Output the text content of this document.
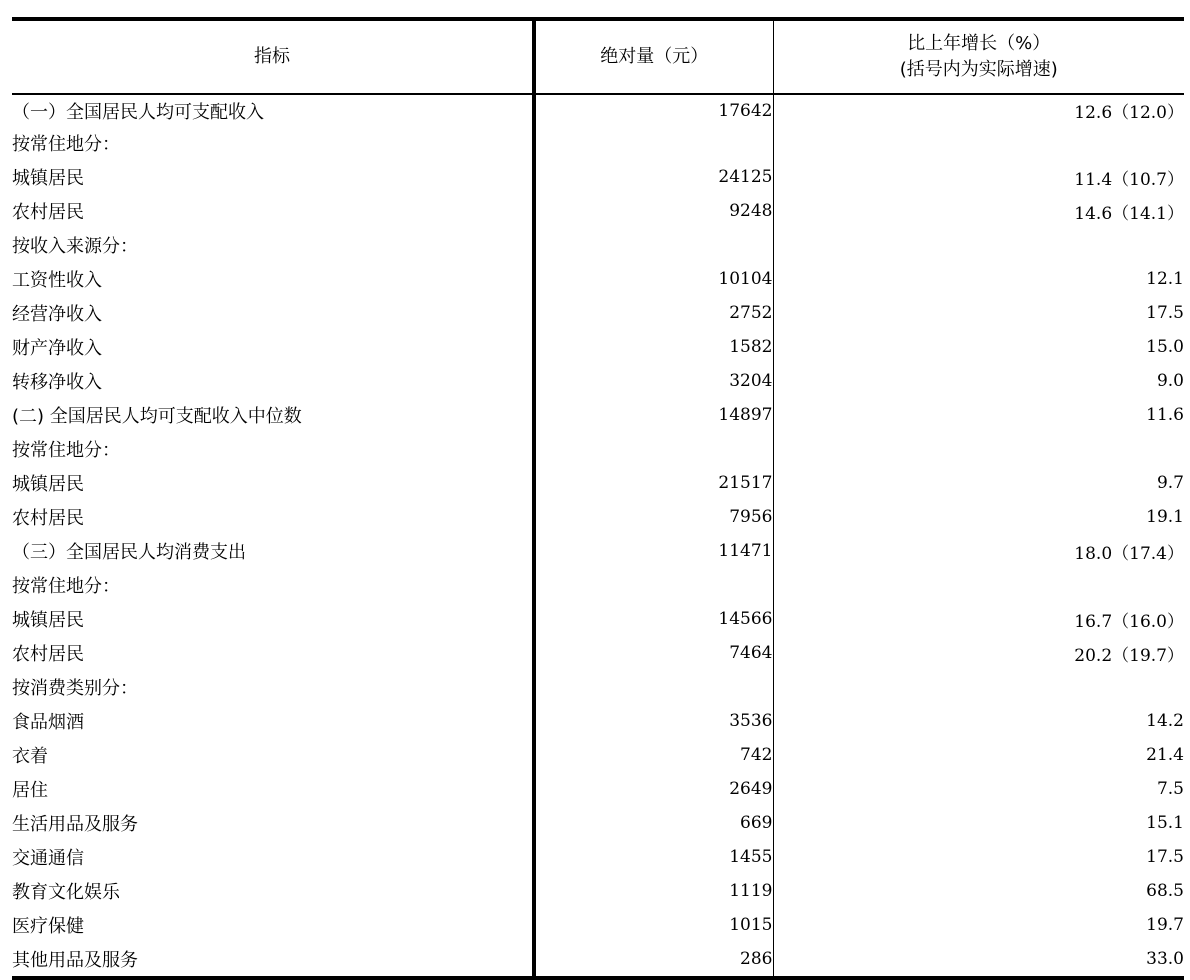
指标	绝对量（元）	比上年增长（%）
(括号内为实际增速)

（一）全国居民人均可支配收入	17642	12.6（12.0）
按常住地分：		
城镇居民	24125	11.4（10.7）
农村居民	9248	14.6（14.1）
按收入来源分：		
工资性收入	10104	12.1
经营净收入	2752	17.5
财产净收入	1582	15.0
转移净收入	3204	9.0
(二) 全国居民人均可支配收入中位数	14897	11.6
按常住地分：		
城镇居民	21517	9.7
农村居民	7956	19.1
（三）全国居民人均消费支出	11471	18.0（17.4）
按常住地分：		
城镇居民	14566	16.7（16.0）
农村居民	7464	20.2（19.7）
按消费类别分：		
食品烟酒	3536	14.2
衣着	742	21.4
居住	2649	7.5
生活用品及服务	669	15.1
交通通信	1455	17.5
教育文化娱乐	1119	68.5
医疗保健	1015	19.7
其他用品及服务	286	33.0
